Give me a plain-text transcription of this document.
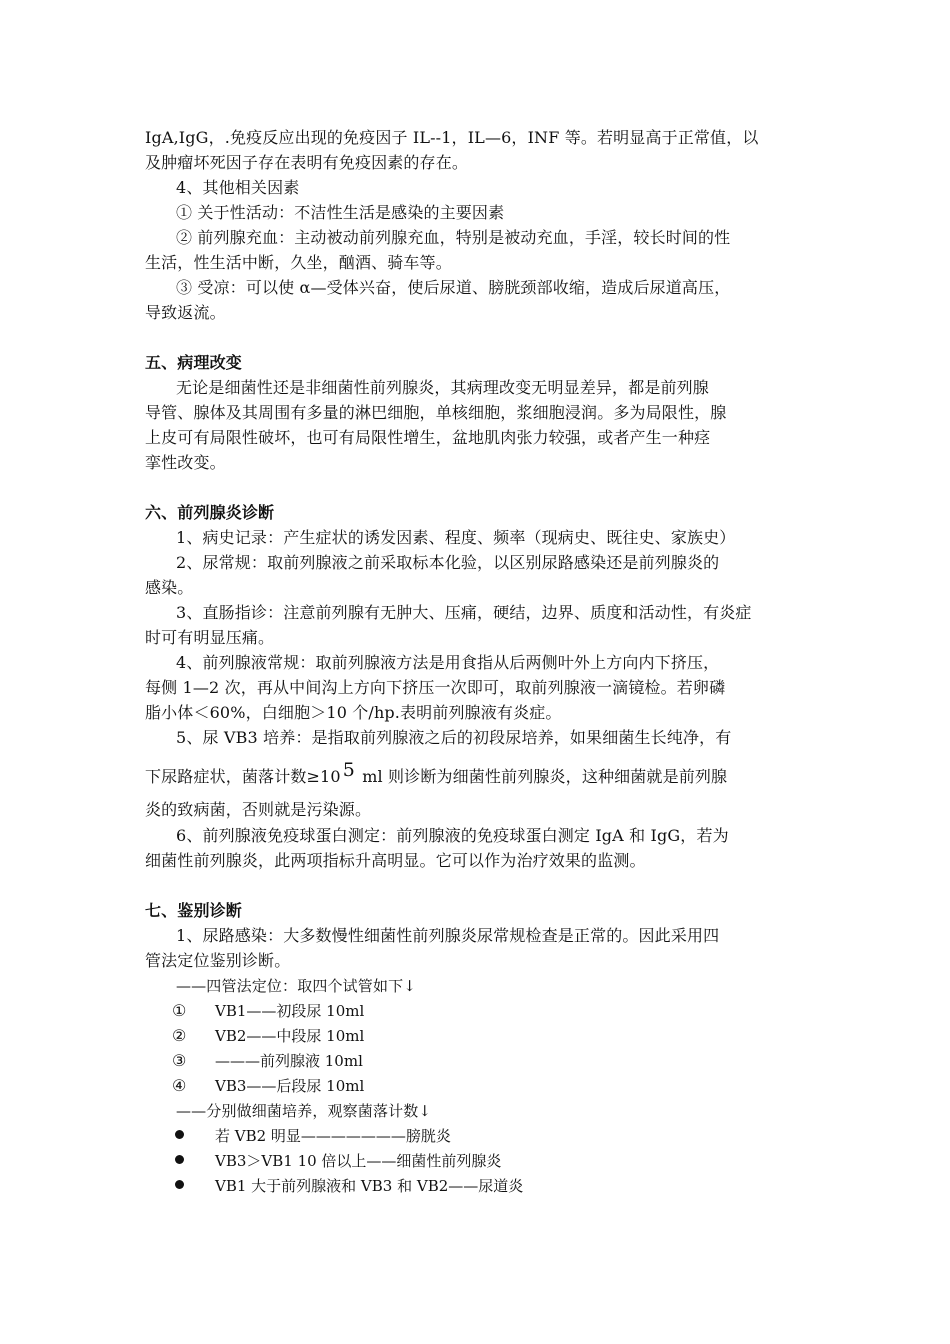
IgA,IgG，.免疫反应出现的免疫因子 IL--1，IL—6，INF 等。若明显高于正常值，以
及肿瘤坏死因子存在表明有免疫因素的存在。
4、其他相关因素
① 关于性活动：不洁性生活是感染的主要因素
② 前列腺充血：主动被动前列腺充血，特别是被动充血，手淫，较长时间的性
生活，性生活中断，久坐，酗酒、骑车等。
③ 受凉：可以使 α—受体兴奋，使后尿道、膀胱颈部收缩，造成后尿道高压，
导致返流。
五、病理改变
无论是细菌性还是非细菌性前列腺炎，其病理改变无明显差异，都是前列腺
导管、腺体及其周围有多量的淋巴细胞，单核细胞，浆细胞浸润。多为局限性，腺
上皮可有局限性破坏，也可有局限性增生，盆地肌肉张力较强，或者产生一种痉
挛性改变。
六、前列腺炎诊断
1、病史记录：产生症状的诱发因素、程度、频率（现病史、既往史、家族史）
2、尿常规：取前列腺液之前采取标本化验，以区别尿路感染还是前列腺炎的
感染。
3、直肠指诊：注意前列腺有无肿大、压痛，硬结，边界、质度和活动性，有炎症
时可有明显压痛。
4、前列腺液常规：取前列腺液方法是用食指从后两侧叶外上方向内下挤压，
每侧 1—2 次，再从中间沟上方向下挤压一次即可，取前列腺液一滴镜检。若卵磷
脂小体＜60%，白细胞＞10 个/hp.表明前列腺液有炎症。
5、尿 VB3 培养：是指取前列腺液之后的初段尿培养，如果细菌生长纯净，有
下尿路症状，菌落计数≥10 5 ml 则诊断为细菌性前列腺炎，这种细菌就是前列腺
炎的致病菌，否则就是污染源。
6、前列腺液免疫球蛋白测定：前列腺液的免疫球蛋白测定 IgA 和 IgG，若为
细菌性前列腺炎，此两项指标升高明显。它可以作为治疗效果的监测。
七、鉴别诊断
1、尿路感染：大多数慢性细菌性前列腺炎尿常规检查是正常的。因此采用四
管法定位鉴别诊断。
——四管法定位：取四个试管如下↓
①	VB1——初段尿 10ml
②	VB2——中段尿 10ml
③	———前列腺液 10ml
④	VB3——后段尿 10ml
——分别做细菌培养，观察菌落计数↓
若 VB2 明显———————膀胱炎
VB3＞VB1 10 倍以上——细菌性前列腺炎
VB1 大于前列腺液和 VB3 和 VB2——尿道炎
